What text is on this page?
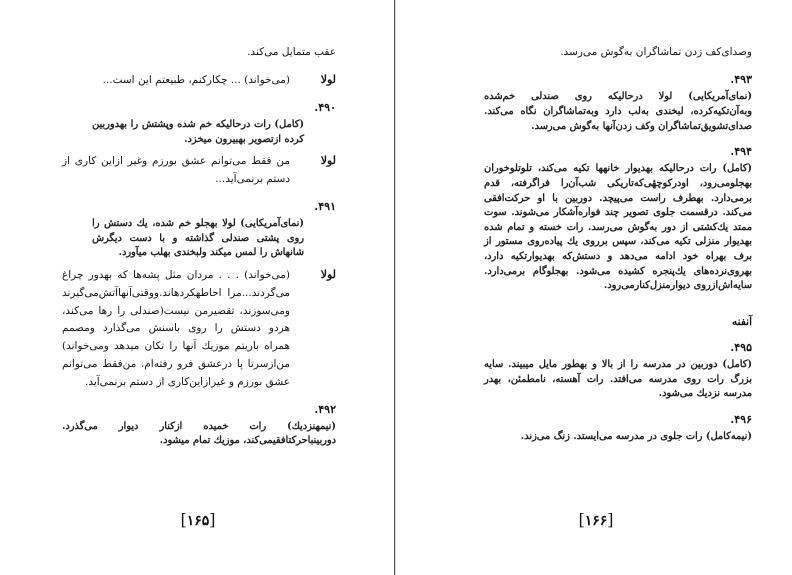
عقب متمایل می‌کند.

لولا
(می‌خواند) ... چکارکنم، طبیعتم این است...

۴۹۰.

(کامل) رات درحالیکه خم شده وپشتش را بهدوربین کرده ازتصویر بهبیرون میخزد.

لولا
من فقط می‌توانم عشق بورزم وغیر ازاین کاری از دستم برنمی‌آید...

۴۹۱.

(نمای‌آمریکایی) لولا بهجلو خم شده، یك دستش را روی پشتی صندلی گذاشته و با دست دیگرش شانهاش را لمس میکند ولبخندی بهلب میآورد.

لولا
(می‌خواند) . . . مردان مثل پشه‌ها که بهدور چراغ می‌گردند...مرا احاطهکردهاند.ووقتی‌آنهاآتش‌می‌گیرند ومی‌سوزند، تقصیرمن نیست(صندلی را رها می‌کند، هردو دستش را روی باسنش می‌گذارد ومصمم همراه باریتم موزیك آنها را تکان میدهد ومی‌خواند) من‌ازسرتا پا درعشق فرو رفته‌ام. من‌فقط می‌توانم عشق بورزم و غیرازاین‌کاری از دستم برنمی‌آید.

۴۹۲.

(نیمهنزدیك) رات خمیده ازکنار دیوار می‌گذرد. دوربینباحرکتافقیمی‌کند، موزیك تمام میشود.

[۱۶۵]

وصدای‌کف زدن تماشاگران به‌گوش می‌رسد.

۴۹۳.

(نمای‌آمریکایی) لولا درحالیکه روی صندلی خم‌شده وبه‌آن‌تکیه‌کرده، لبخندی به‌لب دارد وبه‌تماشاگران نگاه می‌کند. صدای‌تشویق‌تماشاگران وکف زدن‌آنها به‌گوش می‌رسد.

۴۹۴.

(کامل) رات درحالیکه بهدیوار خانهها تکیه می‌کند، تلوتلوخوران بهجلومی‌رود، اودرکوچهٔی‌که‌تاریکی شب‌آن‌را فراگرفته، قدم برمی‌دارد. بهطرف راست می‌پیچد. دوربین با او حرکت‌افقی می‌کند. درقسمت جلوی تصویر چند فواره‌آشکار می‌شوند. سوت ممتد یك‌کشتی از دور به‌گوش می‌رسد. رات خسته و تمام شده بهدیوار منزلی تکیه می‌کند، سپس برروی یك پیاده‌روی مستور از برف بهراه خود ادامه می‌دهد و دستش‌که بهدیوارتکیه دارد، بهروی‌نرده‌های یك‌پنجره کشیده می‌شود. بهجلوگام برمی‌دارد. سایه‌اش‌ازروی دیوارمنزل‌کنارمی‌رود.

آنفنه

۴۹۵.

(کامل) دوربین در مدرسه را از بالا و بهطور مایل میبیند. سایه بزرگ رات روی مدرسه می‌افتد. رات آهسته، نامطمئن، بهدر مدرسه نزدیك می‌شود.

۴۹۶.

(نیمه‌کامل) رات جلوی در مدرسه می‌ایستد. زنگ می‌زند.

[۱۶۶]
